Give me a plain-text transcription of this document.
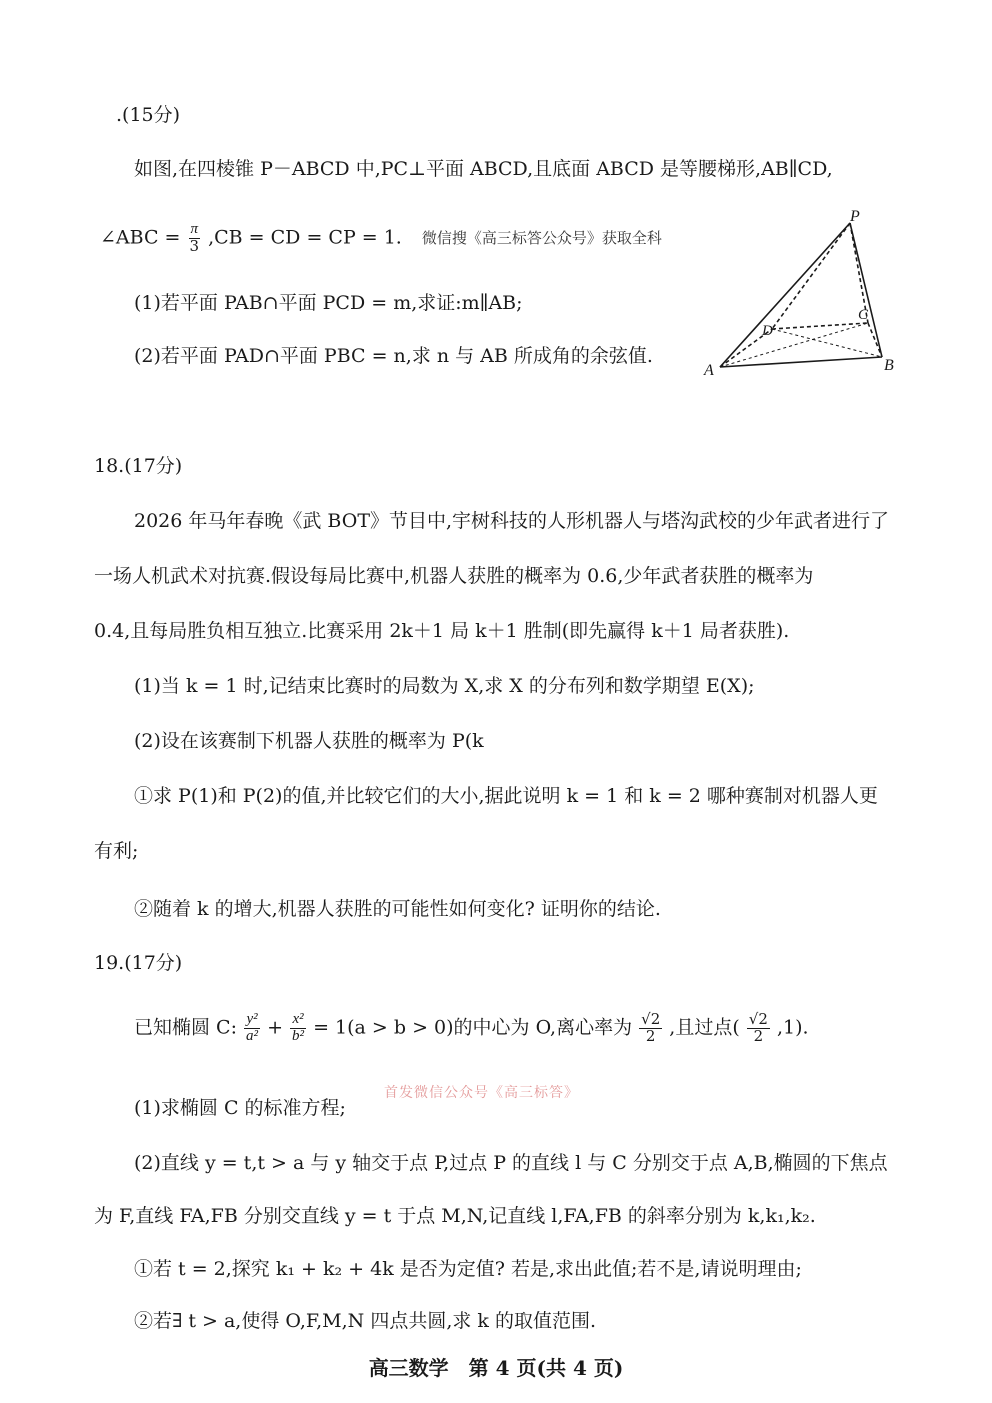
.(15分)
如图,在四棱锥 P－ABCD 中,PC⊥平面 ABCD,且底面 ABCD 是等腰梯形,AB∥CD,
∠ABC = $\frac{\pi}{3} ,CB$ = CD = CP = 1. 微信搜《高三标答公众号》获取全科
(1)若平面 PAB∩平面 PCD = m,求证:m∥AB;
(2)若平面 PAD∩平面 PBC = n,求 n 与 AB 所成角的余弦值.
P
A	B
C
D
18.(17分)
2026 年马年春晚《武 BOT》节目中,宇树科技的人形机器人与塔沟武校的少年武者进行了
一场人机武术对抗赛.假设每局比赛中,机器人获胜的概率为 0.6,少年武者获胜的概率为
0.4,且每局胜负相互独立.比赛采用 2k＋1 局 k＋1 胜制(即先赢得 k＋1 局者获胜).
(1)当 k = 1 时,记结束比赛时的局数为 X,求 X 的分布列和数学期望 E(X);
(2)设在该赛制下机器人获胜的概率为 P(k
①求 P(1)和 P(2)的值,并比较它们的大小,据此说明 k = 1 和 k = 2 哪种赛制对机器人更
有利;
②随着 k 的增大,机器人获胜的可能性如何变化? 证明你的结论.
19.(17分)
已知椭圆 C: $\frac{\text{y²}}{\text{a²}} + \frac{\text{x²}}{\text{b²}} = 1(a > b > 0)$的中心为 O,离心率为 $\frac{√2}{2}$ ,且过点( $\frac{√2}{2} ,1$).
首发微信公众号《高三标答》
(1)求椭圆 C 的标准方程;
(2)直线 y = t,t > a 与 y 轴交于点 P,过点 P 的直线 l 与 C 分别交于点 A,B,椭圆的下焦点
为 F,直线 FA,FB 分别交直线 y = t 于点 M,N,记直线 l,FA,FB 的斜率分别为 k,k₁,k₂.
①若 t = 2,探究 k₁ + k₂ + 4k 是否为定值? 若是,求出此值;若不是,请说明理由;
②若∃ t > a,使得 O,F,M,N 四点共圆,求 k 的取值范围.
高三数学　第 4 页(共 4 页)
